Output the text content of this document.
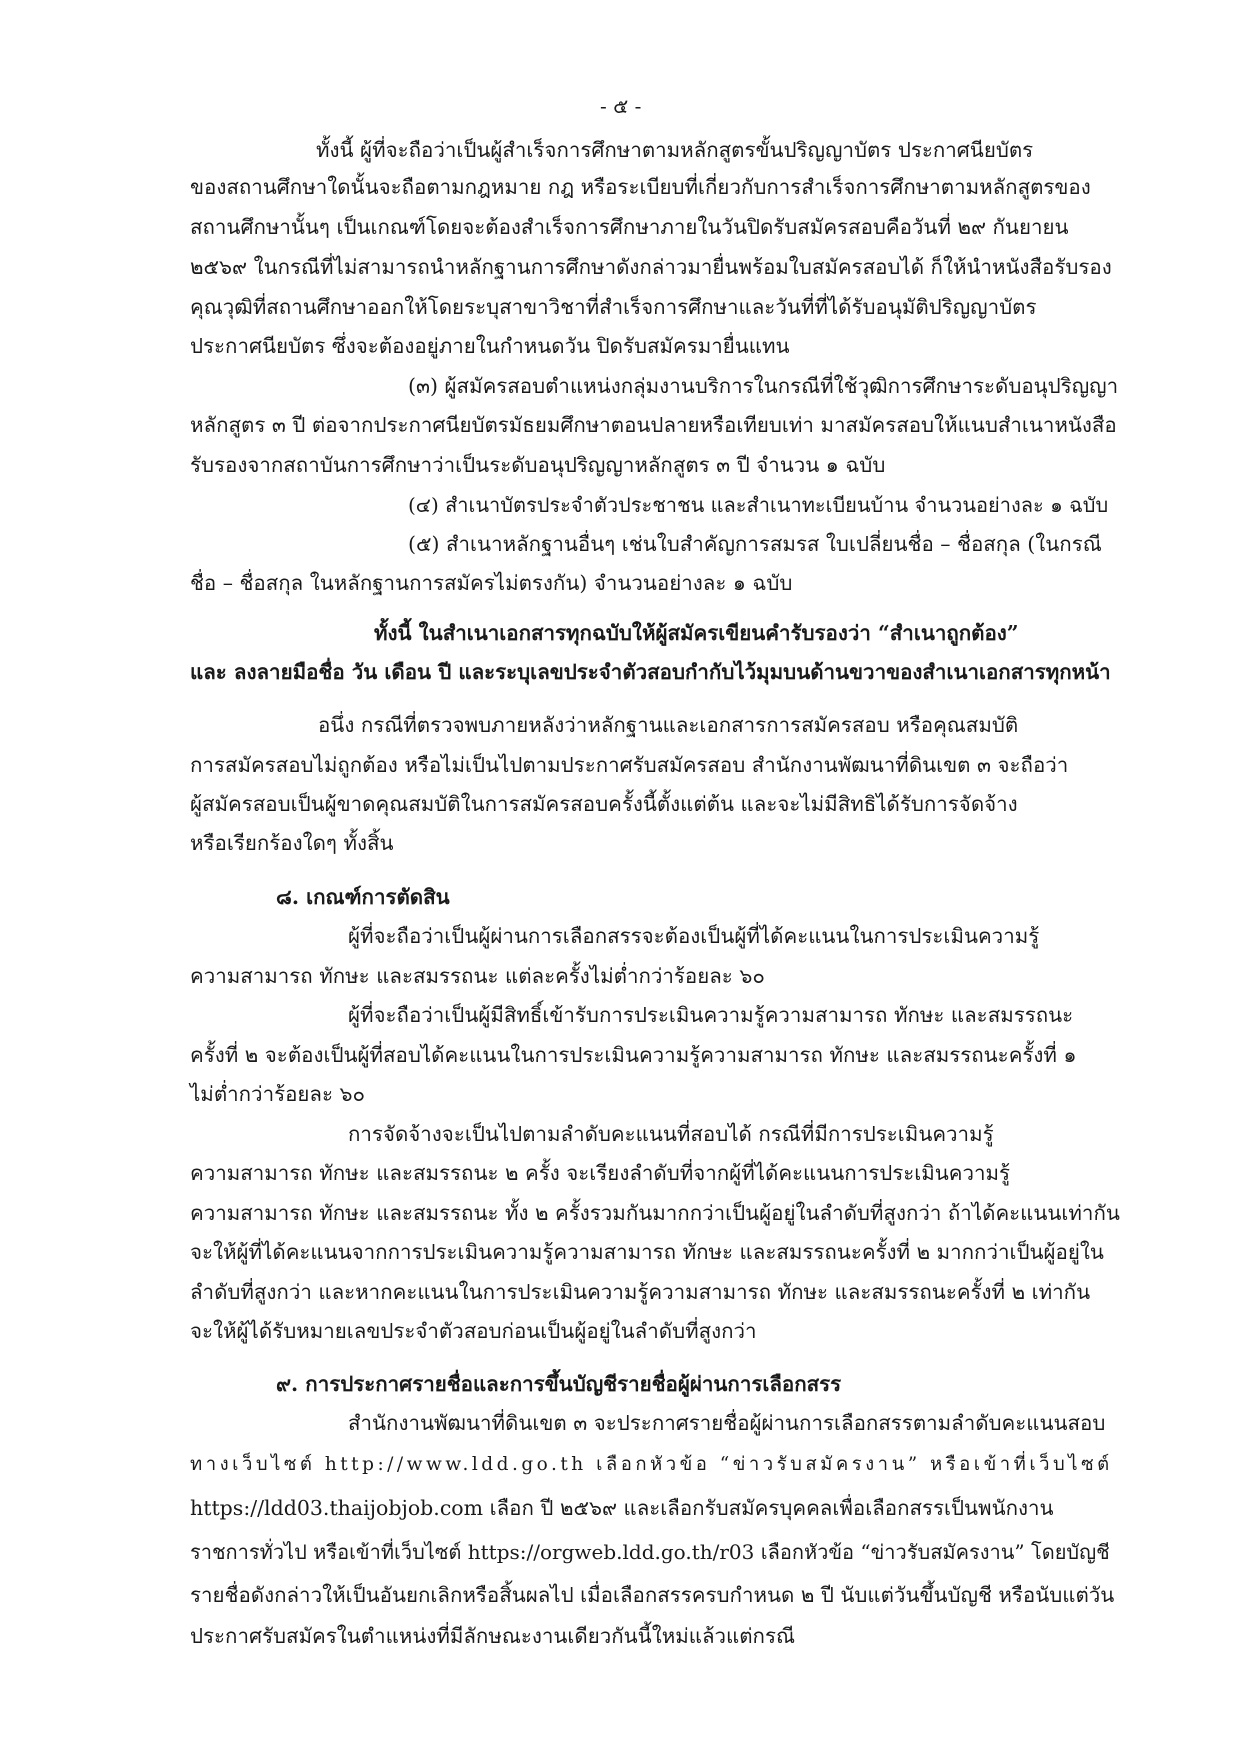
- ๕ -
ทั้งนี้ ผู้ที่จะถือว่าเป็นผู้สำเร็จการศึกษาตามหลักสูตรขั้นปริญญาบัตร ประกาศนียบัตร
ของสถานศึกษาใดนั้นจะถือตามกฎหมาย กฎ หรือระเบียบที่เกี่ยวกับการสำเร็จการศึกษาตามหลักสูตรของ
สถานศึกษานั้นๆ เป็นเกณฑ์โดยจะต้องสำเร็จการศึกษาภายในวันปิดรับสมัครสอบคือวันที่ ๒๙ กันยายน
๒๕๖๙ ในกรณีที่ไม่สามารถนำหลักฐานการศึกษาดังกล่าวมายื่นพร้อมใบสมัครสอบได้ ก็ให้นำหนังสือรับรอง
คุณวุฒิที่สถานศึกษาออกให้โดยระบุสาขาวิชาที่สำเร็จการศึกษาและวันที่ที่ได้รับอนุมัติปริญญาบัตร
ประกาศนียบัตร ซึ่งจะต้องอยู่ภายในกำหนดวัน ปิดรับสมัครมายื่นแทน
(๓) ผู้สมัครสอบตำแหน่งกลุ่มงานบริการในกรณีที่ใช้วุฒิการศึกษาระดับอนุปริญญา
หลักสูตร ๓ ปี ต่อจากประกาศนียบัตรมัธยมศึกษาตอนปลายหรือเทียบเท่า มาสมัครสอบให้แนบสำเนาหนังสือ
รับรองจากสถาบันการศึกษาว่าเป็นระดับอนุปริญญาหลักสูตร ๓ ปี จำนวน ๑ ฉบับ
(๔) สำเนาบัตรประจำตัวประชาชน และสำเนาทะเบียนบ้าน จำนวนอย่างละ ๑ ฉบับ
(๕) สำเนาหลักฐานอื่นๆ เช่นใบสำคัญการสมรส ใบเปลี่ยนชื่อ – ชื่อสกุล (ในกรณี
ชื่อ – ชื่อสกุล ในหลักฐานการสมัครไม่ตรงกัน) จำนวนอย่างละ ๑ ฉบับ
ทั้งนี้ ในสำเนาเอกสารทุกฉบับให้ผู้สมัครเขียนคำรับรองว่า “สำเนาถูกต้อง”
และ ลงลายมือชื่อ วัน เดือน ปี และระบุเลขประจำตัวสอบกำกับไว้มุมบนด้านขวาของสำเนาเอกสารทุกหน้า
อนึ่ง กรณีที่ตรวจพบภายหลังว่าหลักฐานและเอกสารการสมัครสอบ หรือคุณสมบัติ
การสมัครสอบไม่ถูกต้อง หรือไม่เป็นไปตามประกาศรับสมัครสอบ สำนักงานพัฒนาที่ดินเขต ๓ จะถือว่า
ผู้สมัครสอบเป็นผู้ขาดคุณสมบัติในการสมัครสอบครั้งนี้ตั้งแต่ต้น และจะไม่มีสิทธิได้รับการจัดจ้าง
หรือเรียกร้องใดๆ ทั้งสิ้น
๘. เกณฑ์การตัดสิน
ผู้ที่จะถือว่าเป็นผู้ผ่านการเลือกสรรจะต้องเป็นผู้ที่ได้คะแนนในการประเมินความรู้
ความสามารถ ทักษะ และสมรรถนะ แต่ละครั้งไม่ต่ำกว่าร้อยละ ๖๐
ผู้ที่จะถือว่าเป็นผู้มีสิทธิ์เข้ารับการประเมินความรู้ความสามารถ ทักษะ และสมรรถนะ
ครั้งที่ ๒ จะต้องเป็นผู้ที่สอบได้คะแนนในการประเมินความรู้ความสามารถ ทักษะ และสมรรถนะครั้งที่ ๑
ไม่ต่ำกว่าร้อยละ ๖๐
การจัดจ้างจะเป็นไปตามลำดับคะแนนที่สอบได้ กรณีที่มีการประเมินความรู้
ความสามารถ ทักษะ และสมรรถนะ ๒ ครั้ง จะเรียงลำดับที่จากผู้ที่ได้คะแนนการประเมินความรู้
ความสามารถ ทักษะ และสมรรถนะ ทั้ง ๒ ครั้งรวมกันมากกว่าเป็นผู้อยู่ในลำดับที่สูงกว่า ถ้าได้คะแนนเท่ากัน
จะให้ผู้ที่ได้คะแนนจากการประเมินความรู้ความสามารถ ทักษะ และสมรรถนะครั้งที่ ๒ มากกว่าเป็นผู้อยู่ใน
ลำดับที่สูงกว่า และหากคะแนนในการประเมินความรู้ความสามารถ ทักษะ และสมรรถนะครั้งที่ ๒ เท่ากัน
จะให้ผู้ได้รับหมายเลขประจำตัวสอบก่อนเป็นผู้อยู่ในลำดับที่สูงกว่า
๙. การประกาศรายชื่อและการขึ้นบัญชีรายชื่อผู้ผ่านการเลือกสรร
สำนักงานพัฒนาที่ดินเขต ๓ จะประกาศรายชื่อผู้ผ่านการเลือกสรรตามลำดับคะแนนสอบ
ทางเว็บไซต์ http://www.ldd.go.th เลือกหัวข้อ “ข่าวรับสมัครงาน” หรือเข้าที่เว็บไซต์
https://ldd03.thaijobjob.com เลือก ปี ๒๕๖๙ และเลือกรับสมัครบุคคลเพื่อเลือกสรรเป็นพนักงาน
ราชการทั่วไป หรือเข้าที่เว็บไซต์ https://orgweb.ldd.go.th/r03 เลือกหัวข้อ “ข่าวรับสมัครงาน” โดยบัญชี
รายชื่อดังกล่าวให้เป็นอันยกเลิกหรือสิ้นผลไป เมื่อเลือกสรรครบกำหนด ๒ ปี นับแต่วันขึ้นบัญชี หรือนับแต่วัน
ประกาศรับสมัครในตำแหน่งที่มีลักษณะงานเดียวกันนี้ใหม่แล้วแต่กรณี
